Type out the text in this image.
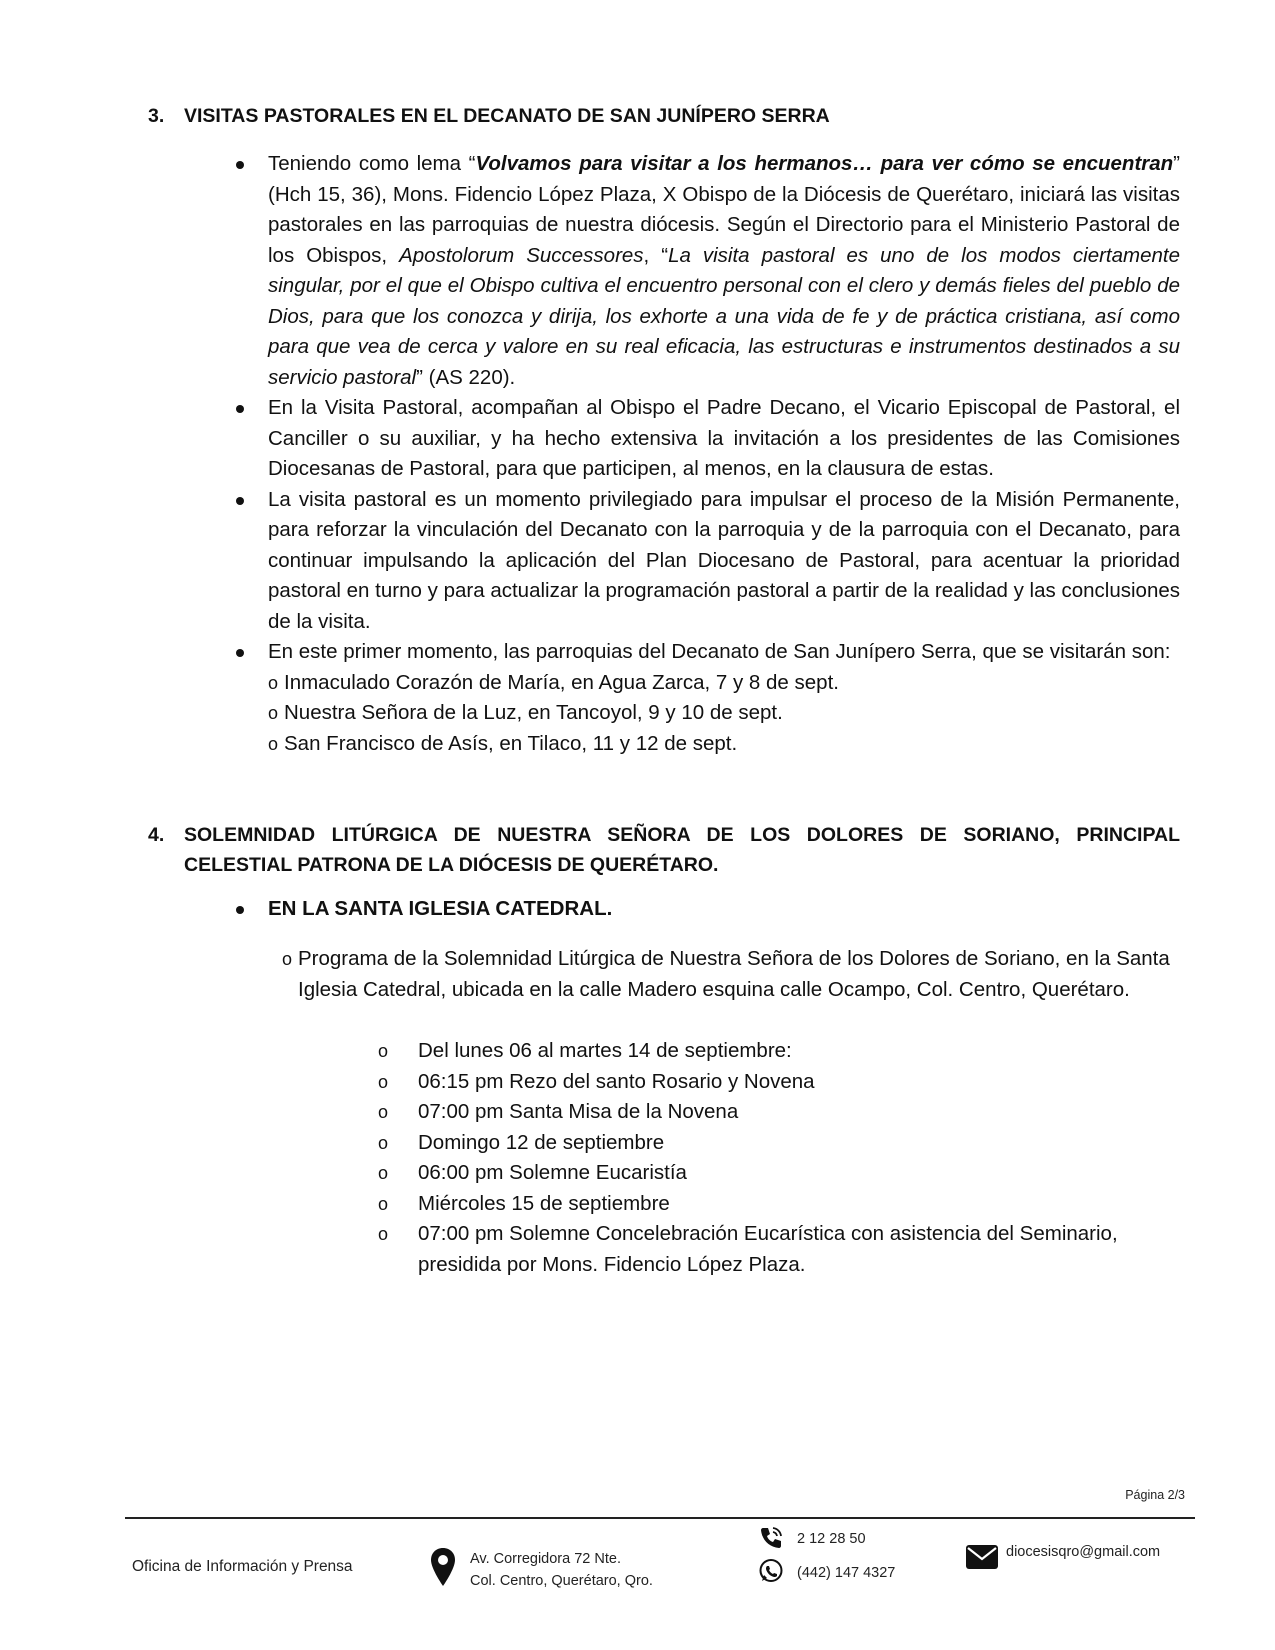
3.	VISITAS PASTORALES EN EL DECANATO DE SAN JUNÍPERO SERRA
Teniendo como lema “Volvamos para visitar a los hermanos… para ver cómo se encuentran” (Hch 15, 36), Mons. Fidencio López Plaza, X Obispo de la Diócesis de Querétaro, iniciará las visitas pastorales en las parroquias de nuestra diócesis. Según el Directorio para el Ministerio Pastoral de los Obispos, Apostolorum Successores, “La visita pastoral es uno de los modos ciertamente singular, por el que el Obispo cultiva el encuentro personal con el clero y demás fieles del pueblo de Dios, para que los conozca y dirija, los exhorte a una vida de fe y de práctica cristiana, así como para que vea de cerca y valore en su real eficacia, las estructuras e instrumentos destinados a su servicio pastoral” (AS 220).
En la Visita Pastoral, acompañan al Obispo el Padre Decano, el Vicario Episcopal de Pastoral, el Canciller o su auxiliar, y ha hecho extensiva la invitación a los presidentes de las Comisiones Diocesanas de Pastoral, para que participen, al menos, en la clausura de estas.
La visita pastoral es un momento privilegiado para impulsar el proceso de la Misión Permanente, para reforzar la vinculación del Decanato con la parroquia y de la parroquia con el Decanato, para continuar impulsando la aplicación del Plan Diocesano de Pastoral, para acentuar la prioridad pastoral en turno y para actualizar la programación pastoral a partir de la realidad y las conclusiones de la visita.
En este primer momento, las parroquias del Decanato de San Junípero Serra, que se visitarán son:
o Inmaculado Corazón de María, en Agua Zarca, 7 y 8 de sept.
o Nuestra Señora de la Luz, en Tancoyol, 9 y 10 de sept.
o San Francisco de Asís, en Tilaco, 11 y 12 de sept.
4.	SOLEMNIDAD LITÚRGICA DE NUESTRA SEÑORA DE LOS DOLORES DE SORIANO, PRINCIPAL CELESTIAL PATRONA DE LA DIÓCESIS DE QUERÉTARO.
EN LA SANTA IGLESIA CATEDRAL.
o Programa de la Solemnidad Litúrgica de Nuestra Señora de los Dolores de Soriano, en la Santa Iglesia Catedral, ubicada en la calle Madero esquina calle Ocampo, Col. Centro, Querétaro.
o Del lunes 06 al martes 14 de septiembre:
o 06:15 pm Rezo del santo Rosario y Novena
o 07:00 pm Santa Misa de la Novena
o Domingo 12 de septiembre
o 06:00 pm Solemne Eucaristía
o Miércoles 15 de septiembre
o 07:00 pm Solemne Concelebración Eucarística con asistencia del Seminario, presidida por Mons. Fidencio López Plaza.
Página 2/3
Oficina de Información y Prensa	Av. Corregidora 72 Nte.
Col. Centro, Querétaro, Qro.
2 12 28 50
(442) 147 4327
diocesisqro@gmail.com
